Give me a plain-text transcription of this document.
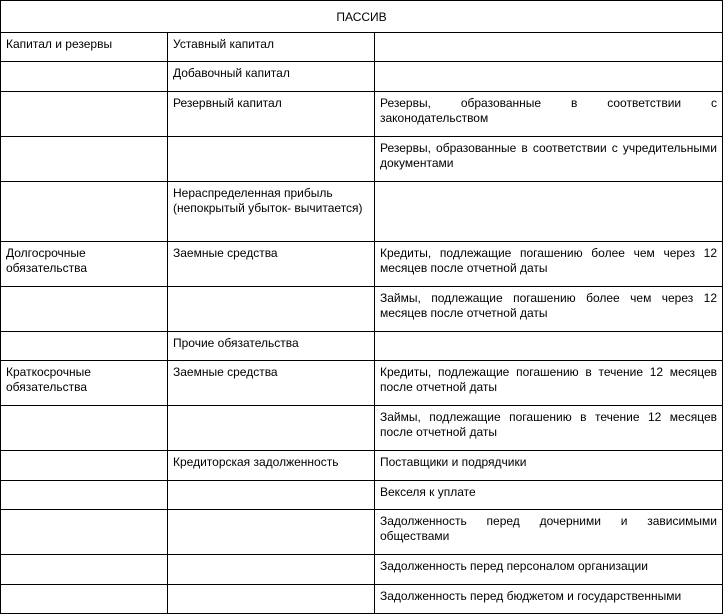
ПАССИВ		
Капитал и резервы	Уставный капитал	
	Добавочный капитал	
	Резервный капитал	Резервы, образованные в соответствии с законодательством
		Резервы, образованные в соответствии с учредительными документами
	Нераспределенная прибыль (непокрытый убыток- вычитается)	
Долгосрочные обязательства	Заемные средства	Кредиты, подлежащие погашению более чем через 12 месяцев после отчетной даты
		Займы, подлежащие погашению более чем через 12 месяцев после отчетной даты
	Прочие обязательства	
Краткосрочные обязательства	Заемные средства	Кредиты, подлежащие погашению в течение 12 месяцев после отчетной даты
		Займы, подлежащие погашению в течение 12 месяцев после отчетной даты
	Кредиторская задолженность	Поставщики и подрядчики
		Векселя к уплате
		Задолженность перед дочерними и зависимыми обществами
		Задолженность перед персоналом организации
		Задолженность перед бюджетом и государственными
